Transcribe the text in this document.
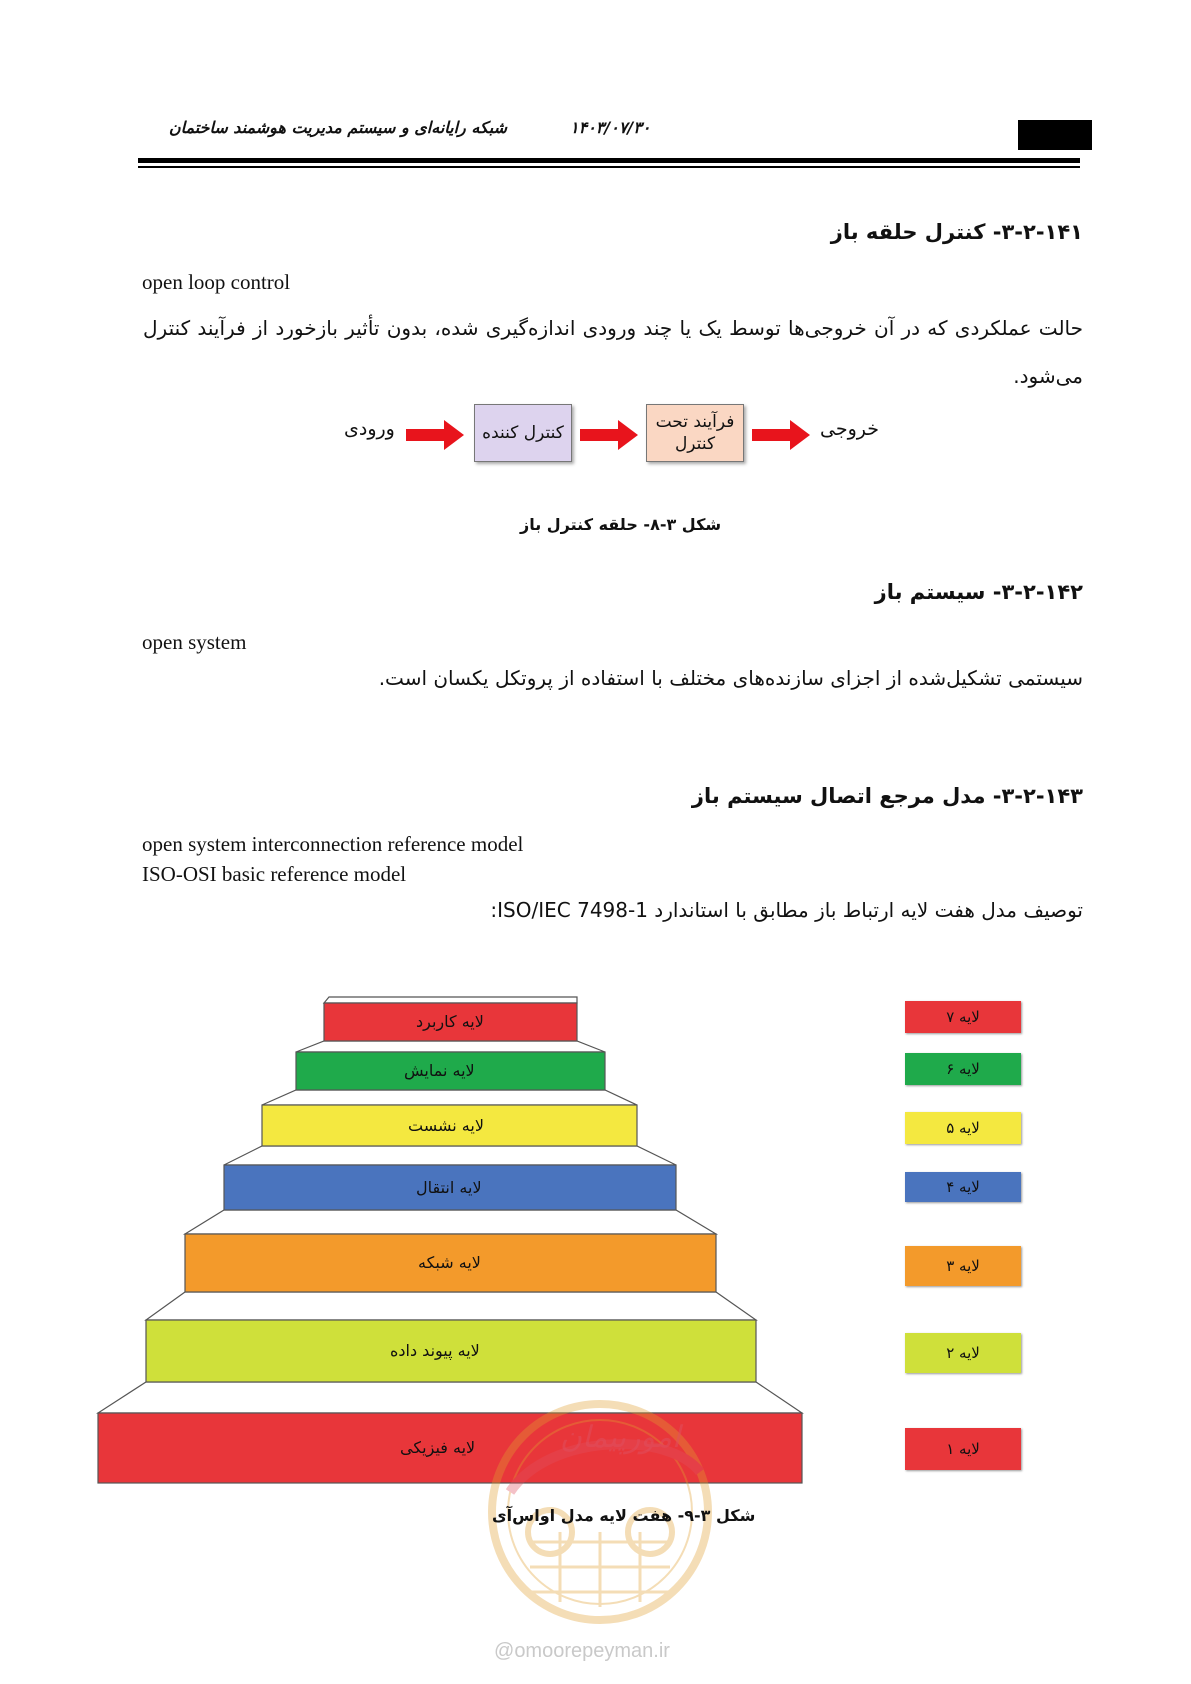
شبکه رایانه‌ای و سیستم مدیریت هوشمند ساختمان	۱۴۰۳/۰۷/۳۰
۳-۲-۱۴۱- کنترل حلقه باز
open loop control
حالت عملکردی که در آن خروجی‌ها توسط یک یا چند ورودی اندازه‌گیری شده، بدون تأثیر بازخورد از فرآیند کنترل می‌شود.
ورودی	کنترل کننده
فرآیند تحت کنترل
خروجی
شکل ۳-۸- حلقه کنترل باز
۳-۲-۱۴۲- سیستم باز
open system
سیستمی تشکیل‌شده از اجزای سازنده‌های مختلف با استفاده از پروتکل یکسان است.
۳-۲-۱۴۳- مدل مرجع اتصال سیستم باز
open system interconnection reference model
ISO-OSI basic reference model
توصیف مدل هفت لایه ارتباط باز مطابق با استاندارد ISO/IEC 7498-1:
لایه کاربرد
لایه نمایش
لایه نشست
لایه انتقال
لایه شبکه
لایه پیوند داده
لایه فیزیکی
لایه ۷
لایه ۶
لایه ۵
لایه ۴
لایه ۳
لایه ۲
لایه ۱
امورپیمان
شکل ۳-۹- هفت لایه مدل اواس‌آی
@omoorepeyman.ir
